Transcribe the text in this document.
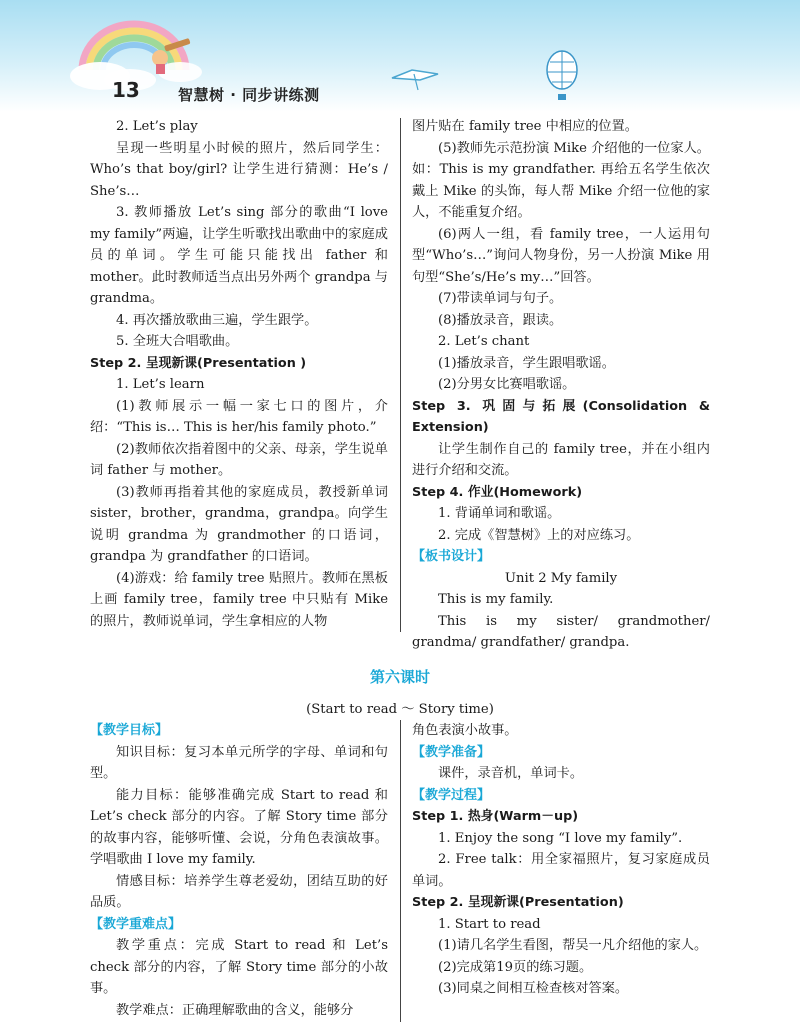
13	智慧树 · 同步讲练测

2. Let’s play

呈现一些明星小时候的照片，然后同学生：Who’s that boy/girl? 让学生进行猜测：He’s / She’s…

3. 教师播放 Let’s sing 部分的歌曲“I love my family”两遍，让学生听歌找出歌曲中的家庭成员的单词。学生可能只能找出 father 和 mother。此时教师适当点出另外两个 grandpa 与 grandma。

4. 再次播放歌曲三遍，学生跟学。

5. 全班大合唱歌曲。

Step 2. 呈现新课(Presentation )

1. Let’s learn

(1)教师展示一幅一家七口的图片，介绍：“This is… This is her/his family photo.”

(2)教师依次指着图中的父亲、母亲，学生说单词 father 与 mother。

(3)教师再指着其他的家庭成员，教授新单词 sister，brother，grandma，grandpa。向学生说明 grandma 为 grandmother 的口语词，grandpa 为 grandfather 的口语词。

(4)游戏：给 family tree 贴照片。教师在黑板上画 family tree，family tree 中只贴有 Mike 的照片，教师说单词，学生拿相应的人物

图片贴在 family tree 中相应的位置。

(5)教师先示范扮演 Mike 介绍他的一位家人。如：This is my grandfather. 再给五名学生依次戴上 Mike 的头饰，每人帮 Mike 介绍一位他的家人，不能重复介绍。

(6)两人一组，看 family tree，一人运用句型“Who’s…”询问人物身份，另一人扮演 Mike 用句型“She’s/He’s my…”回答。

(7)带读单词与句子。

(8)播放录音，跟读。

2. Let’s chant

(1)播放录音，学生跟唱歌谣。

(2)分男女比赛唱歌谣。

Step 3. 巩固与拓展(Consolidation & Extension)

让学生制作自己的 family tree，并在小组内进行介绍和交流。

Step 4. 作业(Homework)

1. 背诵单词和歌谣。

2. 完成《智慧树》上的对应练习。

【板书设计】

Unit 2 My family

This is my family.

This is my sister/ grandmother/ grandma/ grandfather/ grandpa.

第六课时
(Start to read ～ Story time)

【教学目标】

知识目标：复习本单元所学的字母、单词和句型。

能力目标：能够准确完成 Start to read 和 Let’s check 部分的内容。了解 Story time 部分的故事内容，能够听懂、会说，分角色表演故事。学唱歌曲 I love my family.

情感目标：培养学生尊老爱幼，团结互助的好品质。

【教学重难点】

教学重点：完成 Start to read 和 Let’s check 部分的内容，了解 Story time 部分的小故事。

教学难点：正确理解歌曲的含义，能够分

角色表演小故事。

【教学准备】

课件，录音机，单词卡。

【教学过程】

Step 1. 热身(Warm－up)

1. Enjoy the song “I love my family”.

2. Free talk：用全家福照片，复习家庭成员单词。

Step 2. 呈现新课(Presentation)

1. Start to read

(1)请几名学生看图，帮吴一凡介绍他的家人。

(2)完成第19页的练习题。

(3)同桌之间相互检查核对答案。
